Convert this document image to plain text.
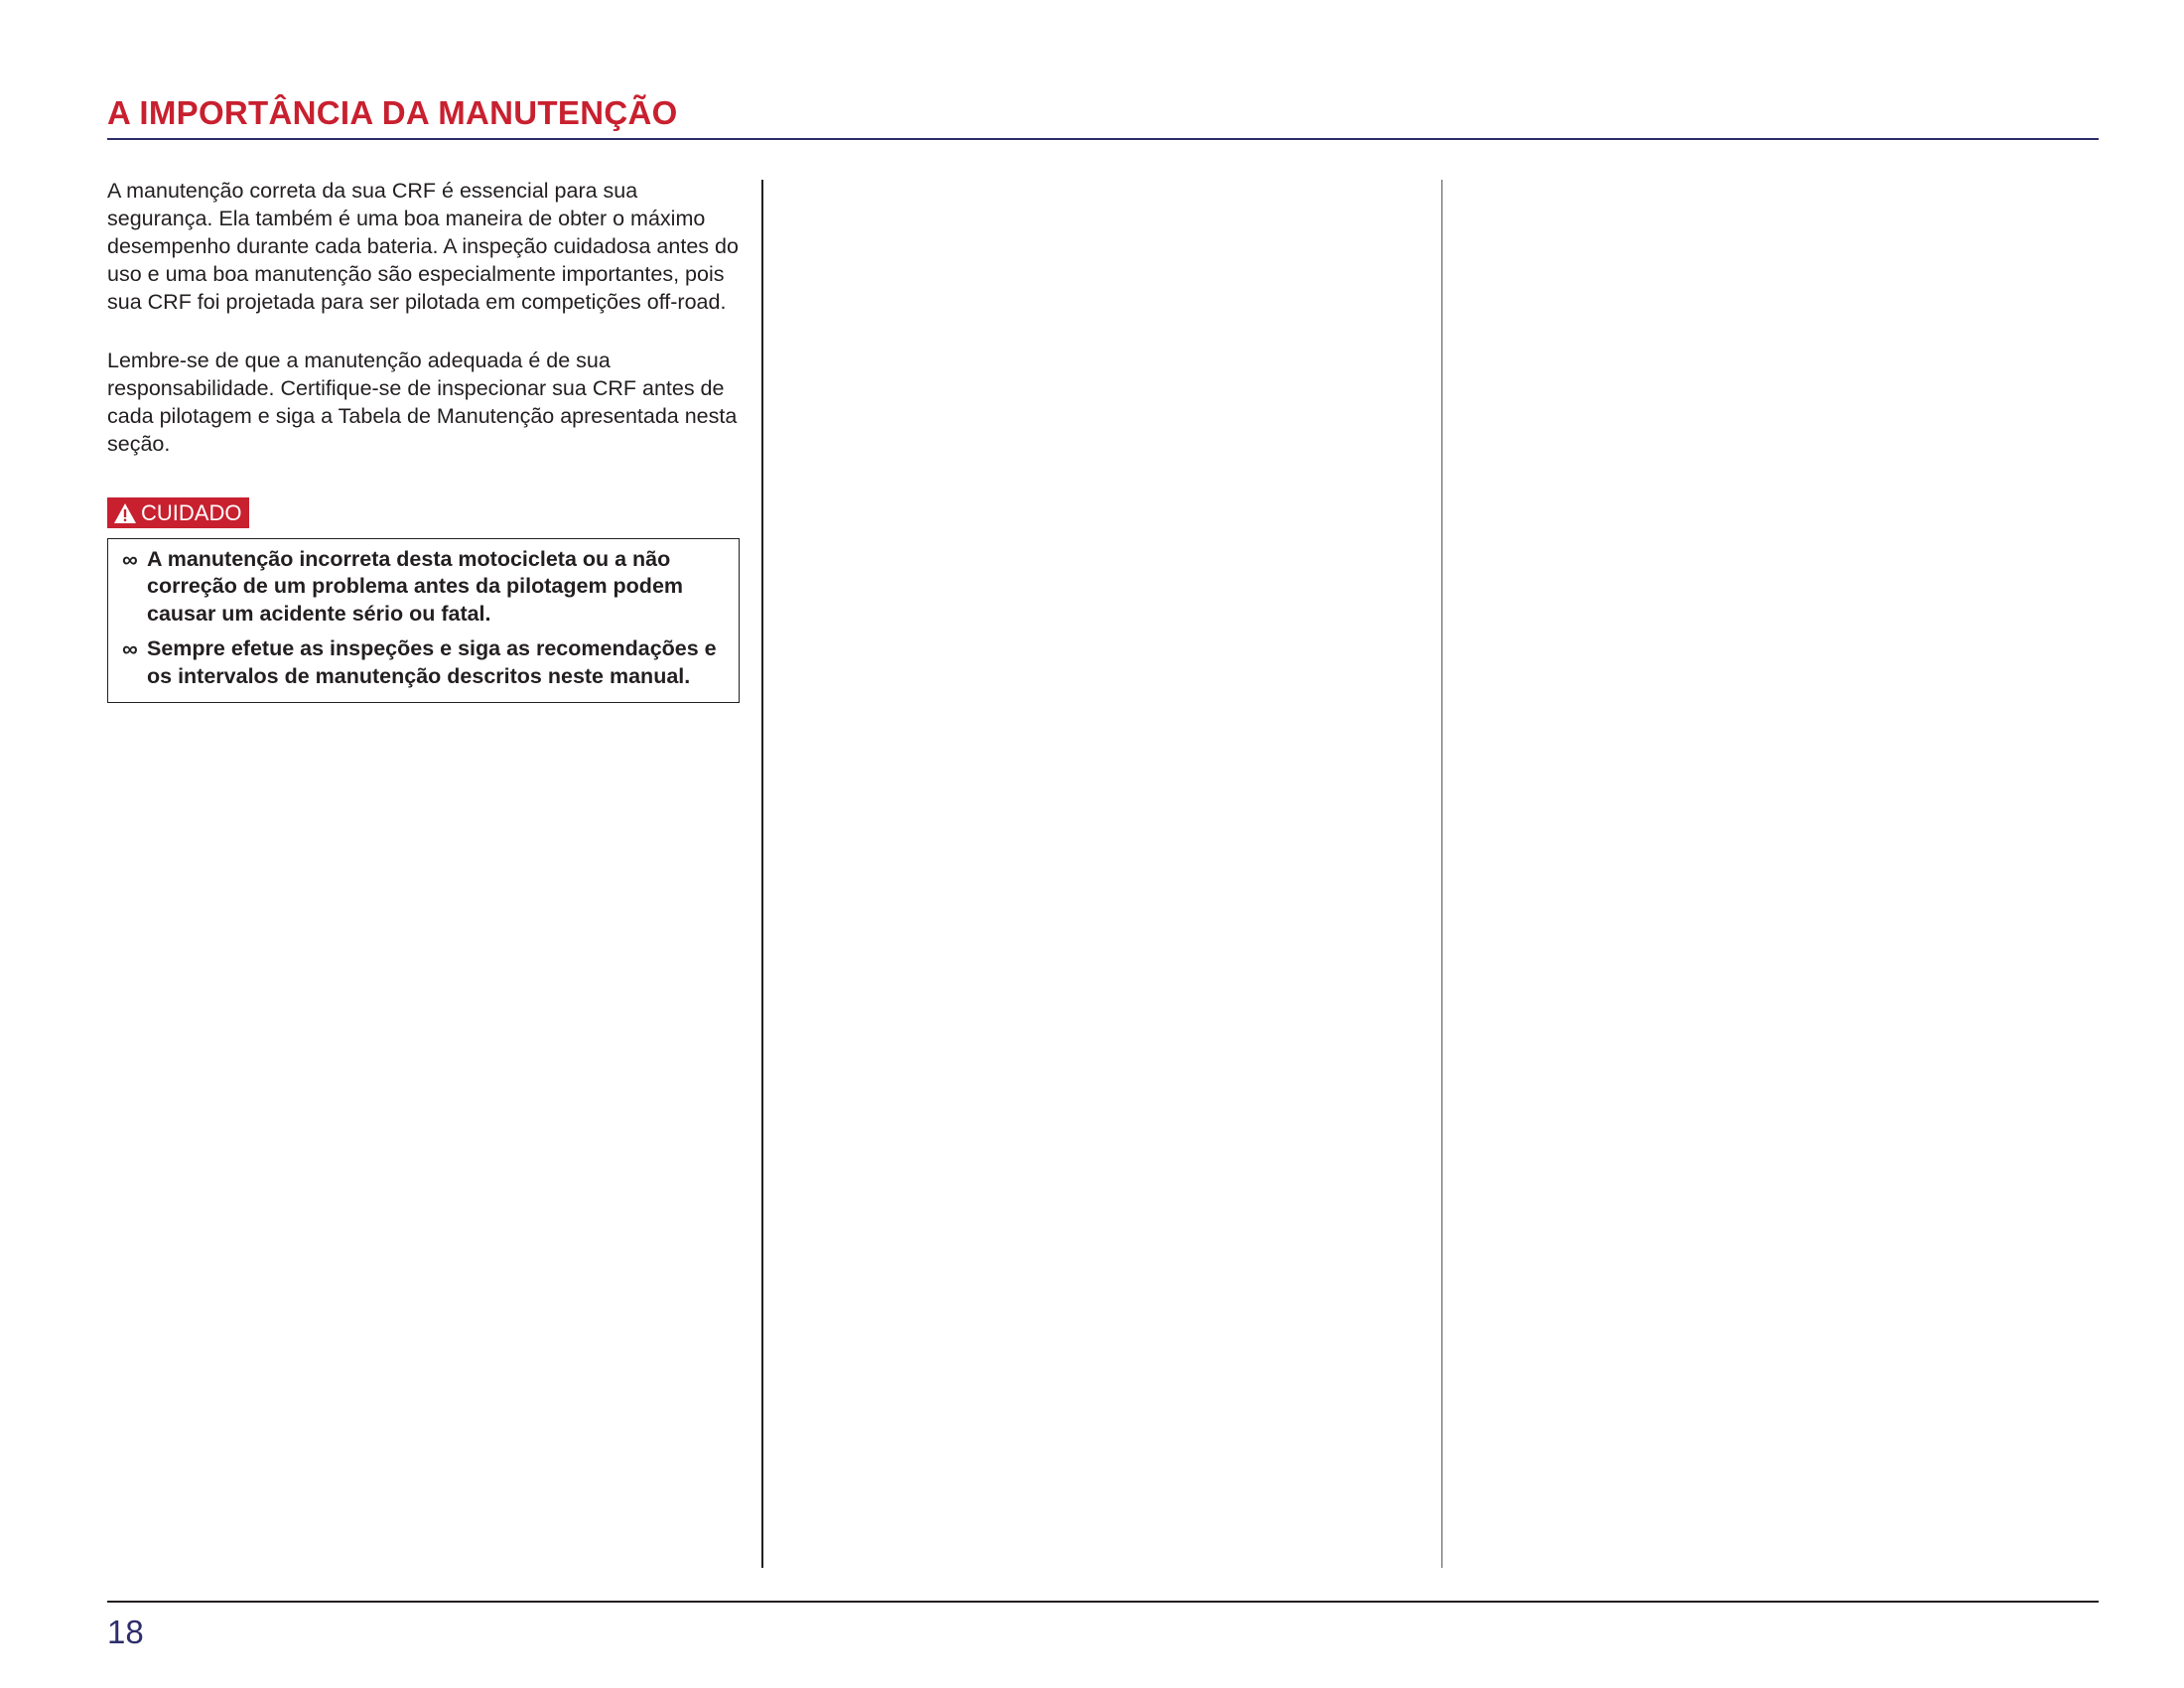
A IMPORTÂNCIA DA MANUTENÇÃO

A manutenção correta da sua CRF é essencial para sua segurança. Ela também é uma boa maneira de obter o máximo desempenho durante cada bateria. A inspeção cuidadosa antes do uso e uma boa manutenção são especialmente importantes, pois sua CRF foi projetada para ser pilotada em competições off-road.

Lembre-se de que a manutenção adequada é de sua responsabilidade. Certifique-se de inspecionar sua CRF antes de cada pilotagem e siga a Tabela de Manutenção apresentada nesta seção.

CUIDADO
∞ A manutenção incorreta desta motocicleta ou a não correção de um problema antes da pilotagem podem causar um acidente sério ou fatal.
∞ Sempre efetue as inspeções e siga as recomendações e os intervalos de manutenção descritos neste manual.
18
